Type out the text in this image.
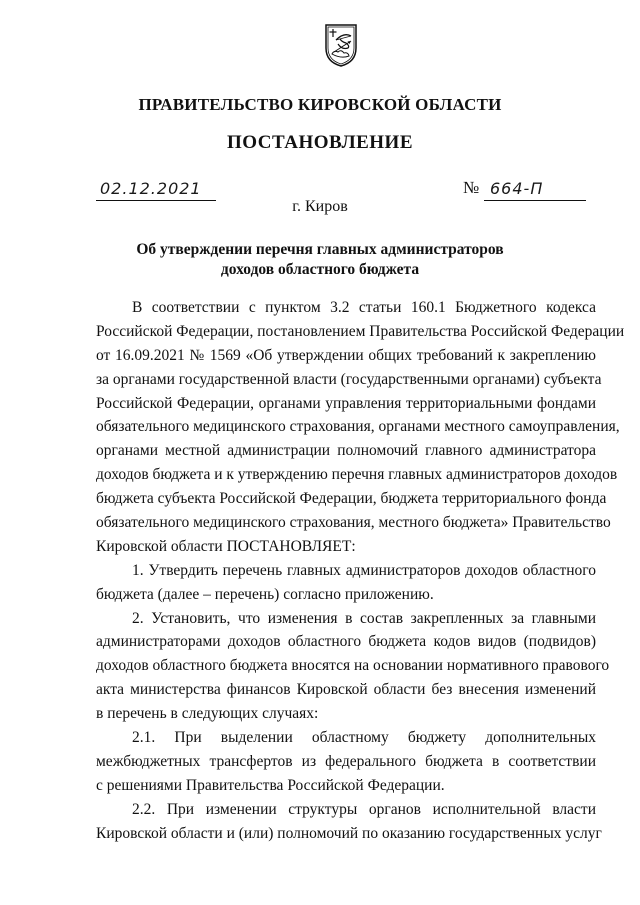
ПРАВИТЕЛЬСТВО КИРОВСКОЙ ОБЛАСТИ
ПОСТАНОВЛЕНИЕ
02.12.2021	№ 664-П
г. Киров
Об утверждении перечня главных администраторов
доходов областного бюджета
В соответствии с пунктом 3.2 статьи 160.1 Бюджетного кодекса
Российской Федерации, постановлением Правительства Российской Федерации
от 16.09.2021 № 1569 «Об утверждении общих требований к закреплению
за органами государственной власти (государственными органами) субъекта
Российской Федерации, органами управления территориальными фондами
обязательного медицинского страхования, органами местного самоуправления,
органами местной администрации полномочий главного администратора
доходов бюджета и к утверждению перечня главных администраторов доходов
бюджета субъекта Российской Федерации, бюджета территориального фонда
обязательного медицинского страхования, местного бюджета» Правительство
Кировской области ПОСТАНОВЛЯЕТ:
1. Утвердить перечень главных администраторов доходов областного
бюджета (далее – перечень) согласно приложению.
2. Установить, что изменения в состав закрепленных за главными
администраторами доходов областного бюджета кодов видов (подвидов)
доходов областного бюджета вносятся на основании нормативного правового
акта министерства финансов Кировской области без внесения изменений
в перечень в следующих случаях:
2.1. При выделении областному бюджету дополнительных
межбюджетных трансфертов из федерального бюджета в соответствии
с решениями Правительства Российской Федерации.
2.2. При изменении структуры органов исполнительной власти
Кировской области и (или) полномочий по оказанию государственных услуг
